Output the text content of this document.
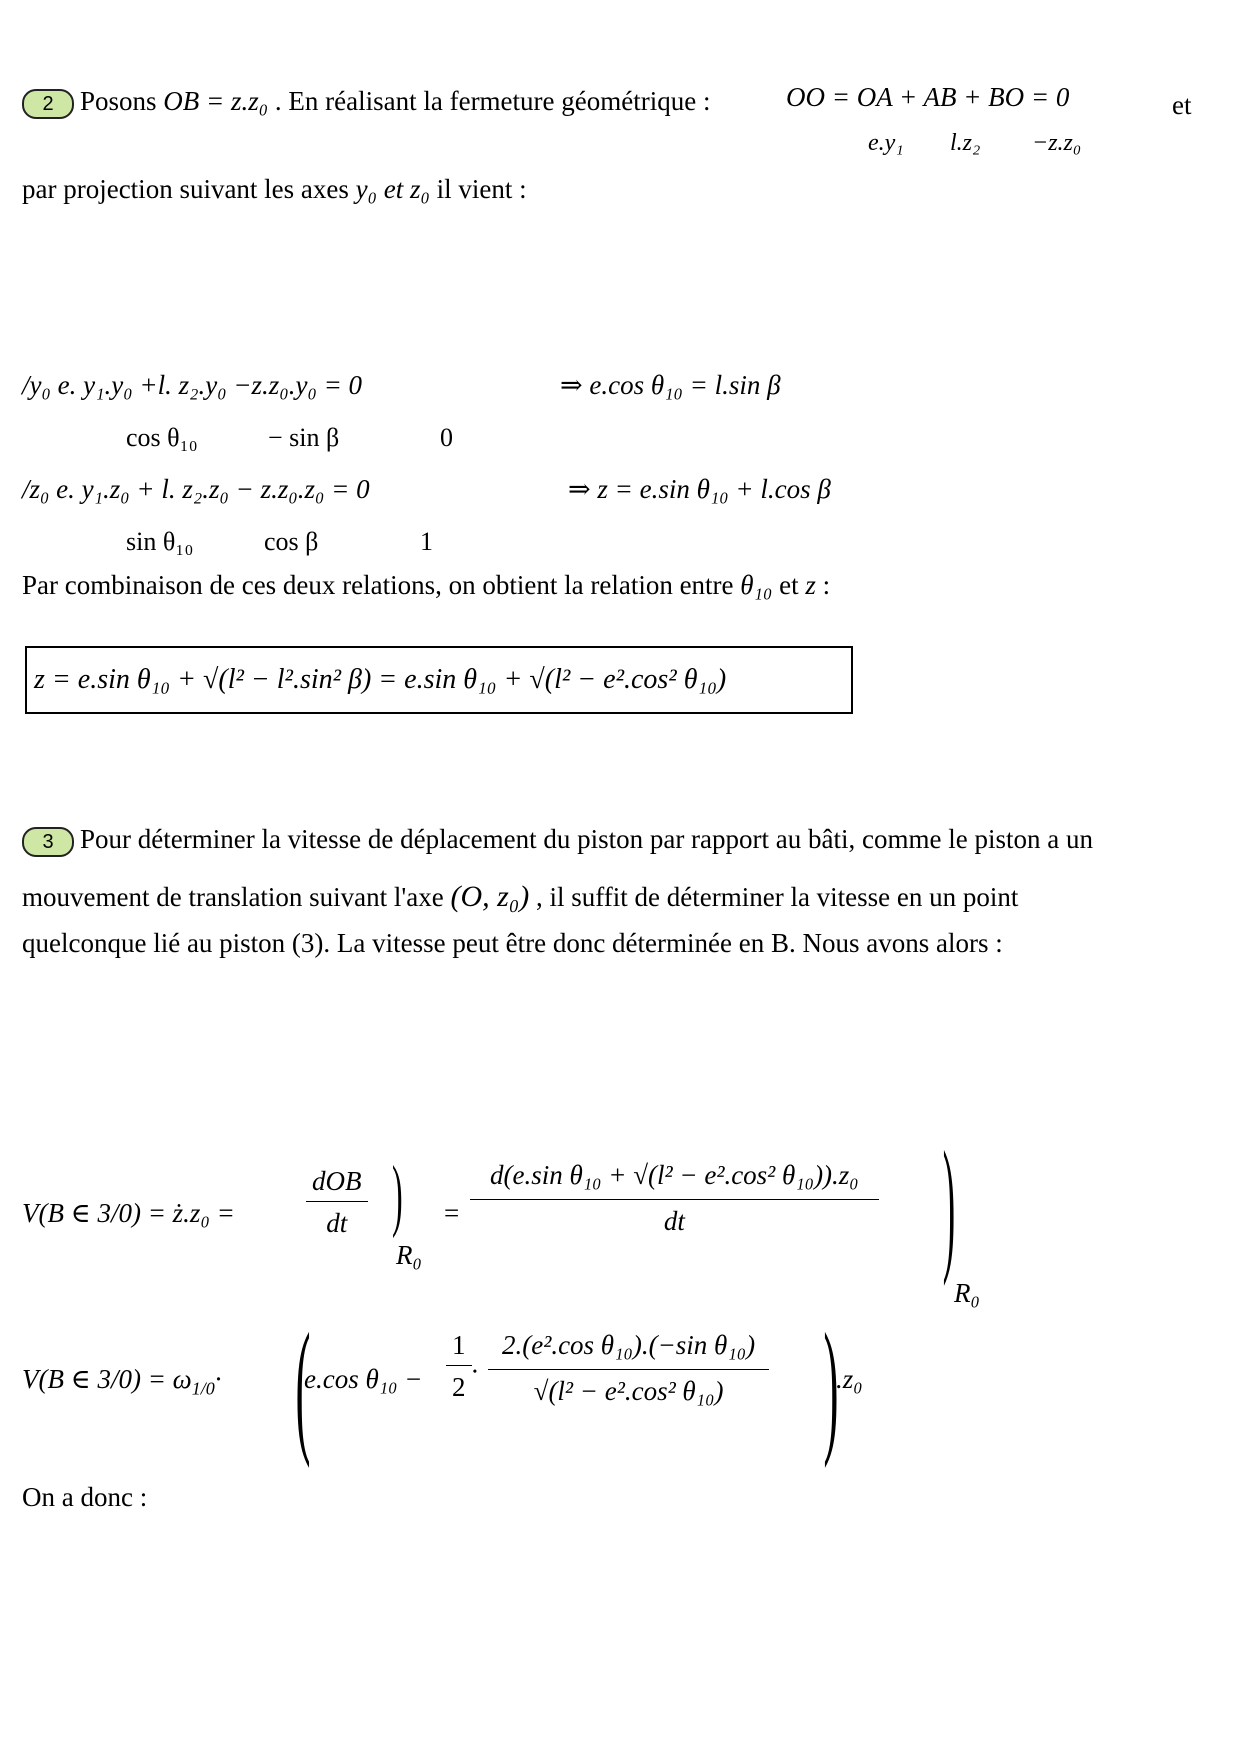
2 Posons OB = z.z₀ . En réalisant la fermeture géométrique :	OO = OA + AB + BO = 0	et
e.y₁ l.z₂ −z.z₀
par projection suivant les axes y₀ et z₀ il vient :
/y₀ e. y₁.y₀ +l. z₂.y₀ −z.z₀.y₀ = 0	⇒ e.cos θ₁₀ = l.sin β
cos θ₁₀	− sin β	0
/z₀ e. y₁.z₀ + l. z₂.z₀ − z.z₀.z₀ = 0	⇒ z = e.sin θ₁₀ + l.cos β
sin θ₁₀	cos β	1
Par combinaison de ces deux relations, on obtient la relation entre θ₁₀ et z :
z = e.sin θ₁₀ + √(l² − l².sin² β) = e.sin θ₁₀ + √(l² − e².cos² θ₁₀)
3 Pour déterminer la vitesse de déplacement du piston par rapport au bâti, comme le piston a un
mouvement de translation suivant l'axe (O, z₀) , il suffit de déterminer la vitesse en un point
quelconque lié au piston (3). La vitesse peut être donc déterminée en B. Nous avons alors :
V(B ∈ 3/0) = ż.z₀ =	$\frac{\text{dOB}}{dt}$ )
R₀
= $\frac{\text{d(e.sin θ₁₀ + √(l² − e².cos² θ₁₀)).z₀}}{dt}$ )
R₀
V(B ∈ $3/0) = \omega_{1/0}\cdot$ (
e.cos $\theta_{10} - \frac{1}{2}$ . $\frac{\text{2.(e².cos θ₁₀).(−sin θ₁₀)}}{\text{√(l² − e².cos² θ₁₀)}}$ )
.z₀
On a donc :
